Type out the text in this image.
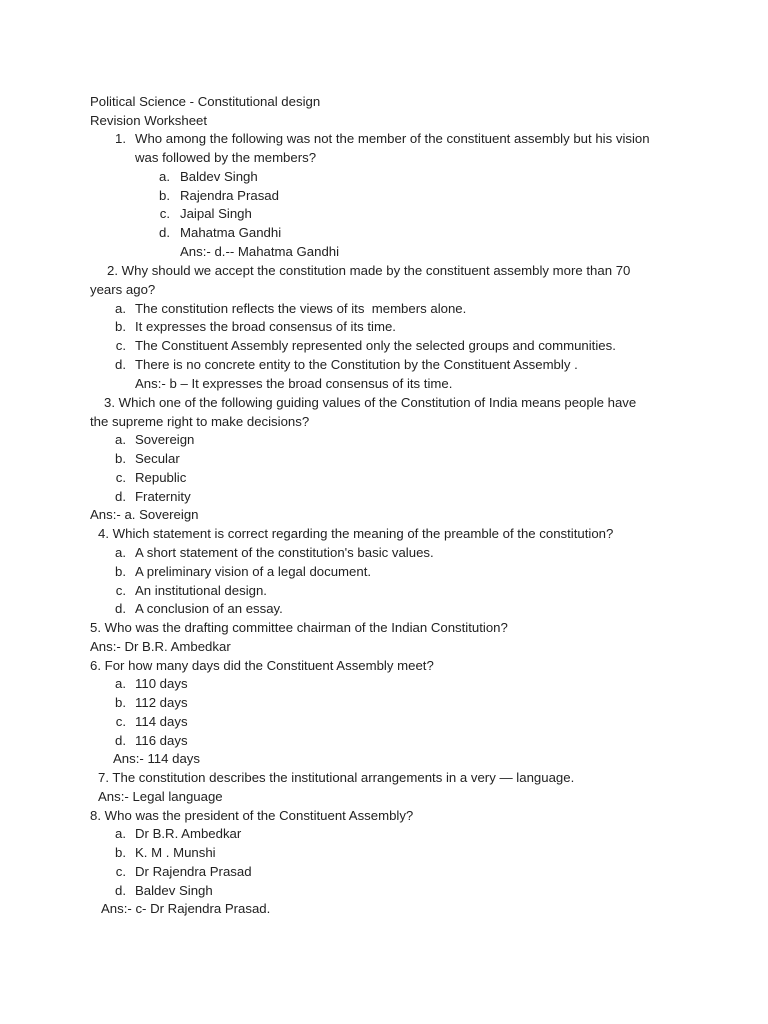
Political Science - Constitutional design
Revision Worksheet
1. Who among the following was not the member of the constituent assembly but his vision
was followed by the members?
a. Baldev Singh
b. Rajendra Prasad
c. Jaipal Singh
d. Mahatma Gandhi
Ans:- d.-- Mahatma Gandhi
2. Why should we accept the constitution made by the constituent assembly more than 70
years ago?
a. The constitution reflects the views of its  members alone.
b. It expresses the broad consensus of its time.
c. The Constituent Assembly represented only the selected groups and communities.
d. There is no concrete entity to the Constitution by the Constituent Assembly .
Ans:- b – It expresses the broad consensus of its time.
3. Which one of the following guiding values of the Constitution of India means people have
the supreme right to make decisions?
a. Sovereign
b. Secular
c. Republic
d. Fraternity
Ans:- a. Sovereign
4. Which statement is correct regarding the meaning of the preamble of the constitution?
a. A short statement of the constitution's basic values.
b. A preliminary vision of a legal document.
c. An institutional design.
d. A conclusion of an essay.
5. Who was the drafting committee chairman of the Indian Constitution?
Ans:- Dr B.R. Ambedkar
6. For how many days did the Constituent Assembly meet?
a. 110 days
b. 112 days
c. 114 days
d. 116 days
Ans:- 114 days
7. The constitution describes the institutional arrangements in a very — language.
Ans:- Legal language
8. Who was the president of the Constituent Assembly?
a. Dr B.R. Ambedkar
b. K. M . Munshi
c. Dr Rajendra Prasad
d. Baldev Singh
Ans:- c- Dr Rajendra Prasad.
